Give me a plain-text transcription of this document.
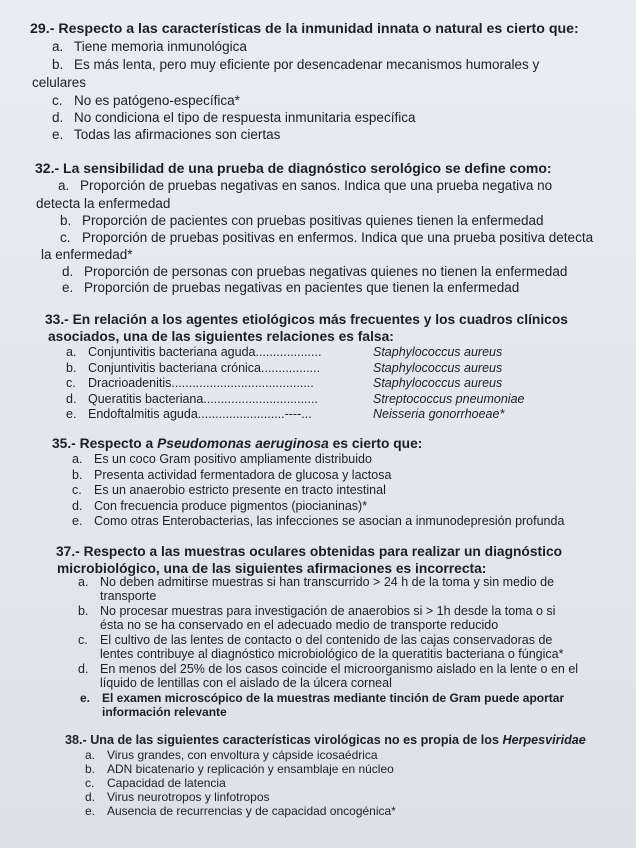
29.- Respecto a las características de la inmunidad innata o natural es cierto que:
a. Tiene memoria inmunológica
b. Es más lenta, pero muy eficiente por desencadenar mecanismos humorales y
celulares
c. No es patógeno-específica*
d. No condiciona el tipo de respuesta inmunitaria específica
e. Todas las afirmaciones son ciertas
32.- La sensibilidad de una prueba de diagnóstico serológico se define como:
a. Proporción de pruebas negativas en sanos. Indica que una prueba negativa no
detecta la enfermedad
b. Proporción de pacientes con pruebas positivas quienes tienen la enfermedad
c. Proporción de pruebas positivas en enfermos. Indica que una prueba positiva detecta
la enfermedad*
d. Proporción de personas con pruebas negativas quienes no tienen la enfermedad
e. Proporción de pruebas negativas en pacientes que tienen la enfermedad
33.- En relación a los agentes etiológicos más frecuentes y los cuadros clínicos
asociados, una de las siguientes relaciones es falsa:
a. Conjuntivitis bacteriana aguda...................	Staphylococcus aureus
b. Conjuntivitis bacteriana crónica.................	Staphylococcus aureus
c. Dracrioadenitis.........................................	Staphylococcus aureus
d. Queratitis bacteriana.................................	Streptococcus pneumoniae
e. Endoftalmitis aguda.........................----...	Neisseria gonorrhoeae*
35.- Respecto a Pseudomonas aeruginosa es cierto que:
a. Es un coco Gram positivo ampliamente distribuido
b. Presenta actividad fermentadora de glucosa y lactosa
c. Es un anaerobio estricto presente en tracto intestinal
d. Con frecuencia produce pigmentos (piocianinas)*
e. Como otras Enterobacterias, las infecciones se asocian a inmunodepresión profunda
37.- Respecto a las muestras oculares obtenidas para realizar un diagnóstico
microbiológico, una de las siguientes afirmaciones es incorrecta:
a. No deben admitirse muestras si han transcurrido > 24 h de la toma y sin medio de
transporte
b. No procesar muestras para investigación de anaerobios si > 1h desde la toma o si
ésta no se ha conservado en el adecuado medio de transporte reducido
c. El cultivo de las lentes de contacto o del contenido de las cajas conservadoras de
lentes contribuye al diagnóstico microbiológico de la queratitis bacteriana o fúngica*
d. En menos del 25% de los casos coincide el microorganismo aislado en la lente o en el
líquido de lentillas con el aislado de la úlcera corneal
e. El examen microscópico de la muestras mediante tinción de Gram puede aportar
información relevante
38.- Una de las siguientes características virológicas no es propia de los Herpesviridae
a. Virus grandes, con envoltura y cápside icosaédrica
b. ADN bicatenario y replicación y ensamblaje en núcleo
c. Capacidad de latencia
d. Virus neurotropos y linfotropos
e. Ausencia de recurrencias y de capacidad oncogénica*
